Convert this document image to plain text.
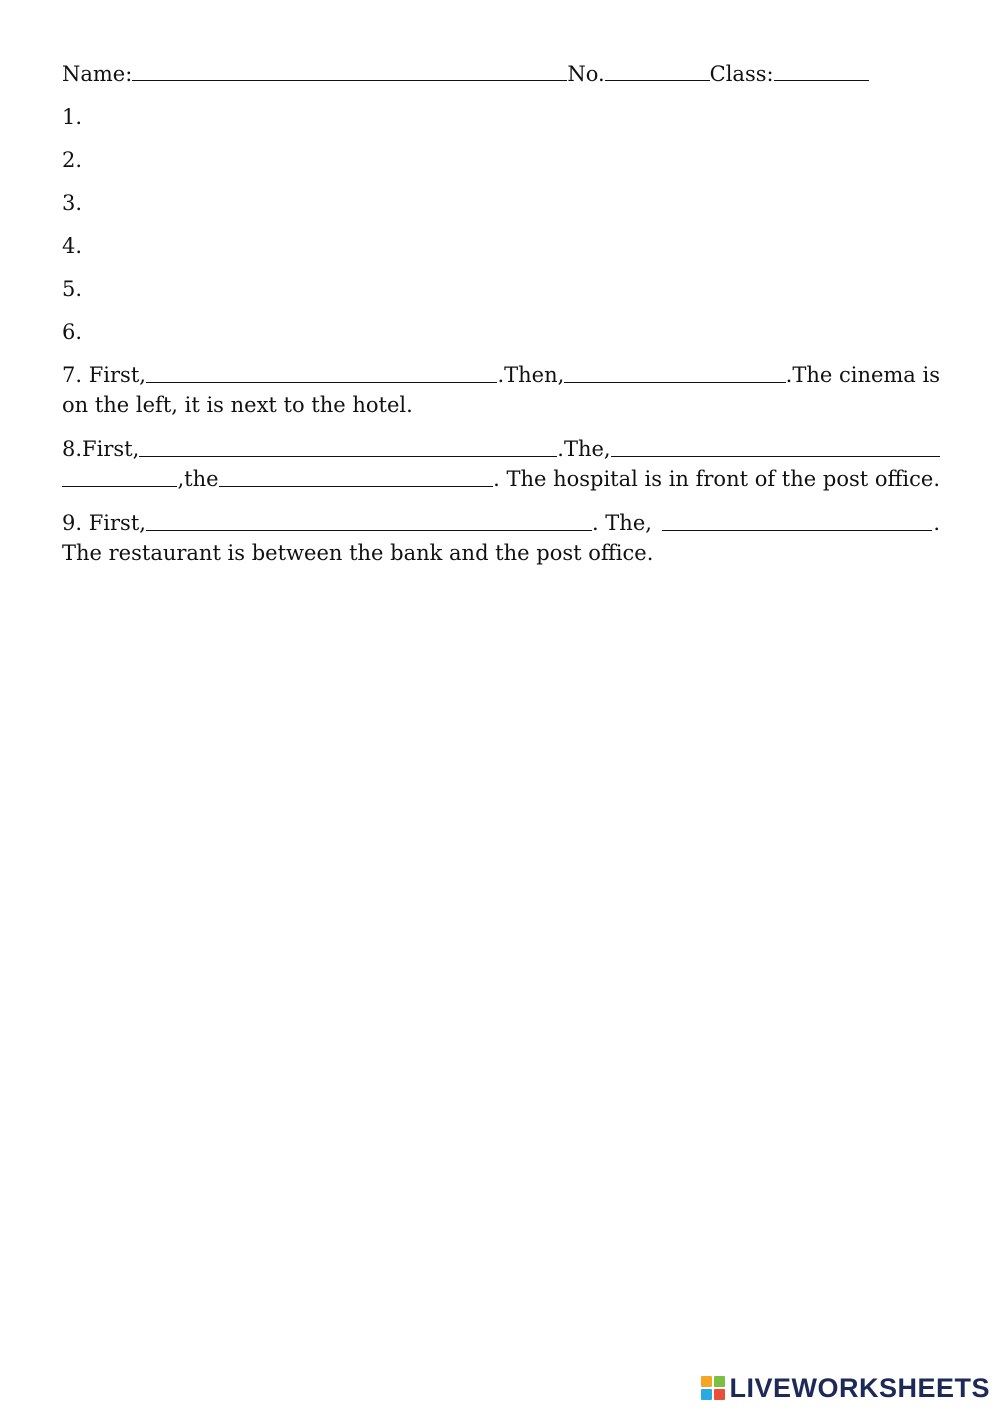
Name:	No.	Class:
1.
2.
3.
4.
5.
6.
7. First,	.Then,	.The cinema is
on the left, it is next to the hotel.
8.First,	.The,
,the	. The hospital is in front of the post office.
9. First,	. The,	.
The restaurant is between the bank and the post office.
LIVEWORKSHEETS
